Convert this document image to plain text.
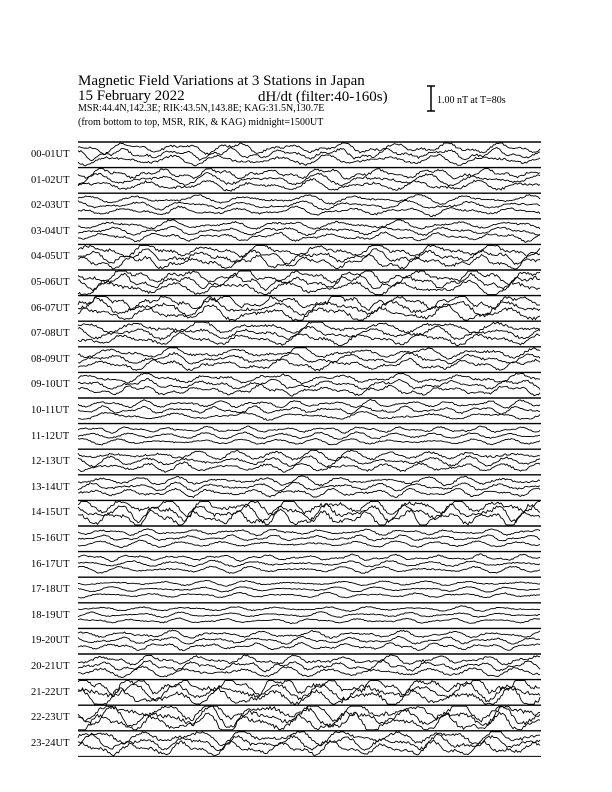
Magnetic Field Variations at 3 Stations in Japan
15 February 2022	dH/dt (filter:40-160s)
MSR:44.4N,142.3E; RIK:43.5N,143.8E; KAG:31.5N,130.7E
(from bottom to top, MSR, RIK, & KAG) midnight=1500UT
1.00 nT at T=80s
00-01UT
01-02UT
02-03UT
03-04UT
04-05UT
05-06UT
06-07UT
07-08UT
08-09UT
09-10UT
10-11UT
11-12UT
12-13UT
13-14UT
14-15UT
15-16UT
16-17UT
17-18UT
18-19UT
19-20UT
20-21UT
21-22UT
22-23UT
23-24UT
